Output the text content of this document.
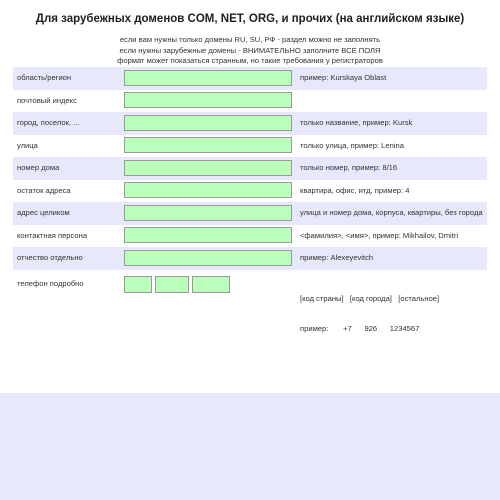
Для зарубежных доменов COM, NET, ORG, и прочих (на английском языке)
если вам нужны только домены RU, SU, РФ - раздел можно не заполнять
если нужны зарубежные домены - ВНИМАТЕЛЬНО заполните ВСЕ ПОЛЯ
формат может показаться странным, но такие требования у регистраторов
область/регион	пример: Kurskaya Oblast
почтовый индекс
город, поселок, ...	только название, пример: Kursk
улица	только улица, пример: Lenina
номер дома	только номер, пример: 8/16
остаток адреса	квартира, офис, итд, пример: 4
адрес целиком	улица и номер дома, корпуса, квартиры, без города
контактная персона	<фамилия>, <имя>, пример: Mikhailov, Dmitri
отчество отдельно	пример: Alexeyevitch
телефон подробно

[код страны]   [код города]   [остальное]

пример:       +7      926      1234567
